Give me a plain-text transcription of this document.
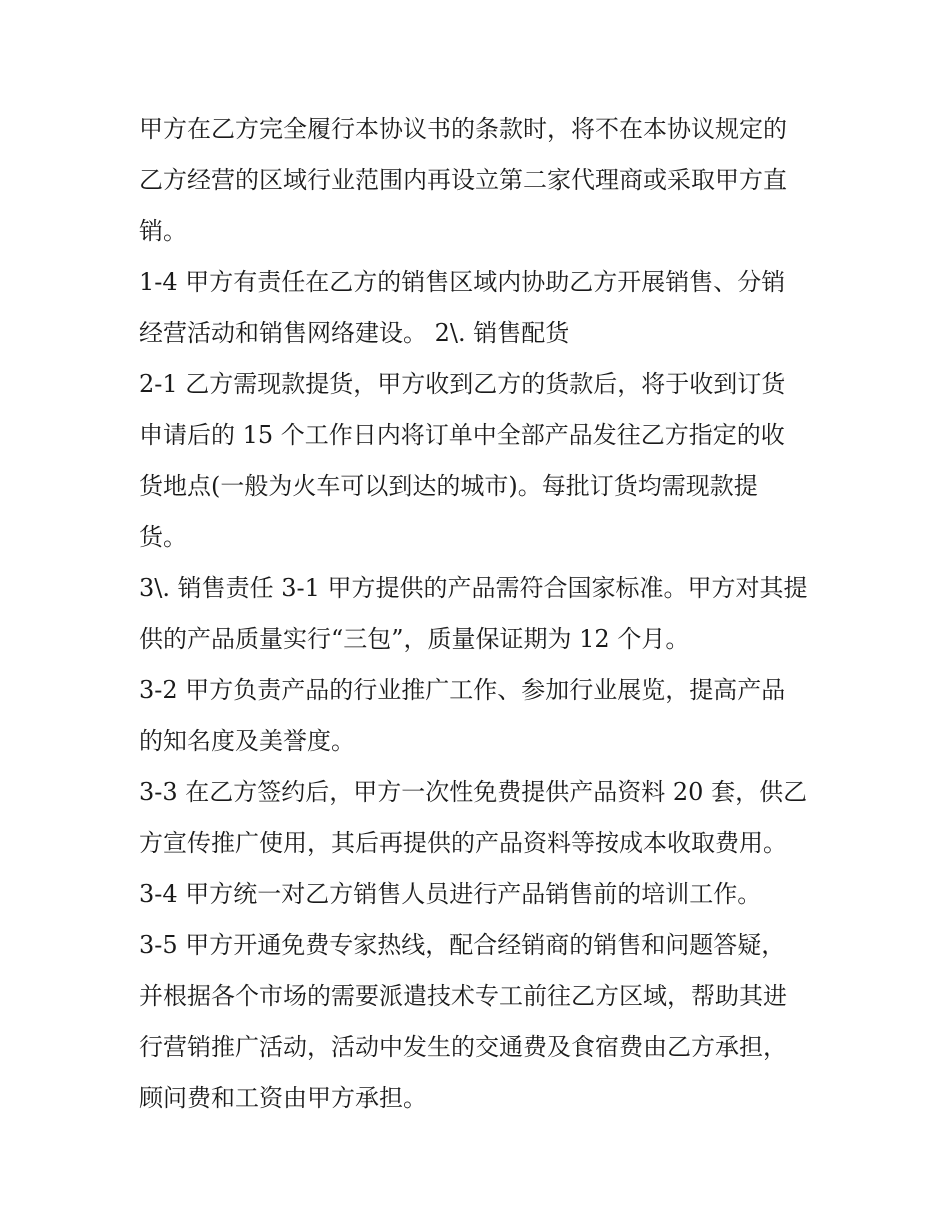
甲方在乙方完全履行本协议书的条款时，将不在本协议规定的
乙方经营的区域行业范围内再设立第二家代理商或采取甲方直
销。

1-4 甲方有责任在乙方的销售区域内协助乙方开展销售、分销
经营活动和销售网络建设。 2\. 销售配货

2-1 乙方需现款提货，甲方收到乙方的货款后，将于收到订货
申请后的 15 个工作日内将订单中全部产品发往乙方指定的收
货地点(一般为火车可以到达的城市)。每批订货均需现款提
货。

3\. 销售责任 3-1 甲方提供的产品需符合国家标准。甲方对其提
供的产品质量实行“三包”，质量保证期为 12 个月。

3-2 甲方负责产品的行业推广工作、参加行业展览，提高产品
的知名度及美誉度。

3-3 在乙方签约后，甲方一次性免费提供产品资料 20 套，供乙
方宣传推广使用，其后再提供的产品资料等按成本收取费用。

3-4 甲方统一对乙方销售人员进行产品销售前的培训工作。

3-5 甲方开通免费专家热线，配合经销商的销售和问题答疑，
并根据各个市场的需要派遣技术专工前往乙方区域，帮助其进
行营销推广活动，活动中发生的交通费及食宿费由乙方承担，
顾问费和工资由甲方承担。
